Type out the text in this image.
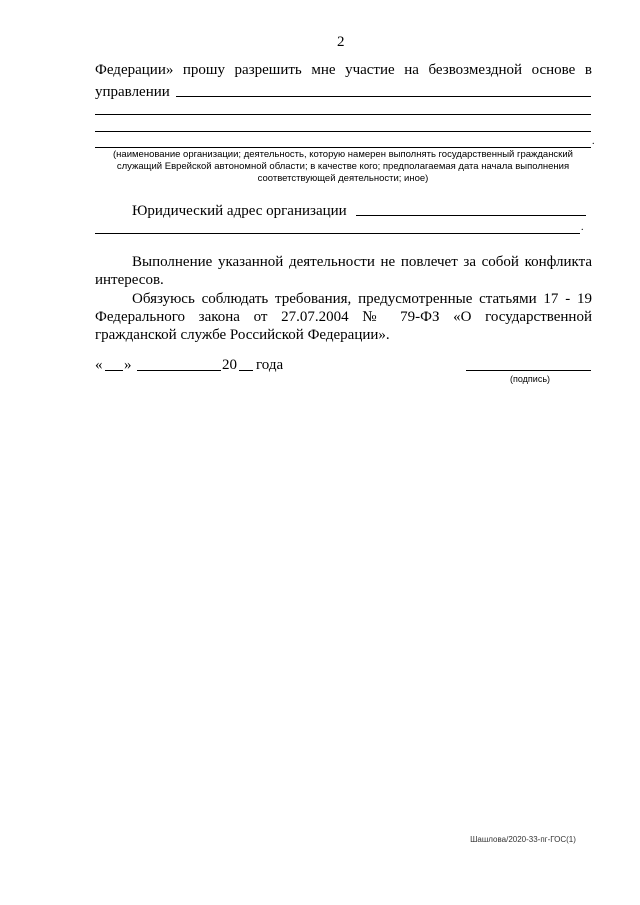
2
Федерации» прошу разрешить мне участие на безвозмездной основе в
управлении
.
(наименование организации; деятельность, которую намерен выполнять государственный гражданский служащий Еврейской автономной области; в качестве кого; предполагаемая дата начала выполнения соответствующей деятельности; иное)
Юридический адрес организации
.
Выполнение указанной деятельности не повлечет за собой конфликта
интересов.
Обязуюсь соблюдать требования, предусмотренные статьями 17 - 19
Федерального закона от 27.07.2004 № 79-ФЗ «О государственной
гражданской службе Российской Федерации».
« »	20 года
(подпись)
Шашлова/2020-33-пг-ГОС(1)
